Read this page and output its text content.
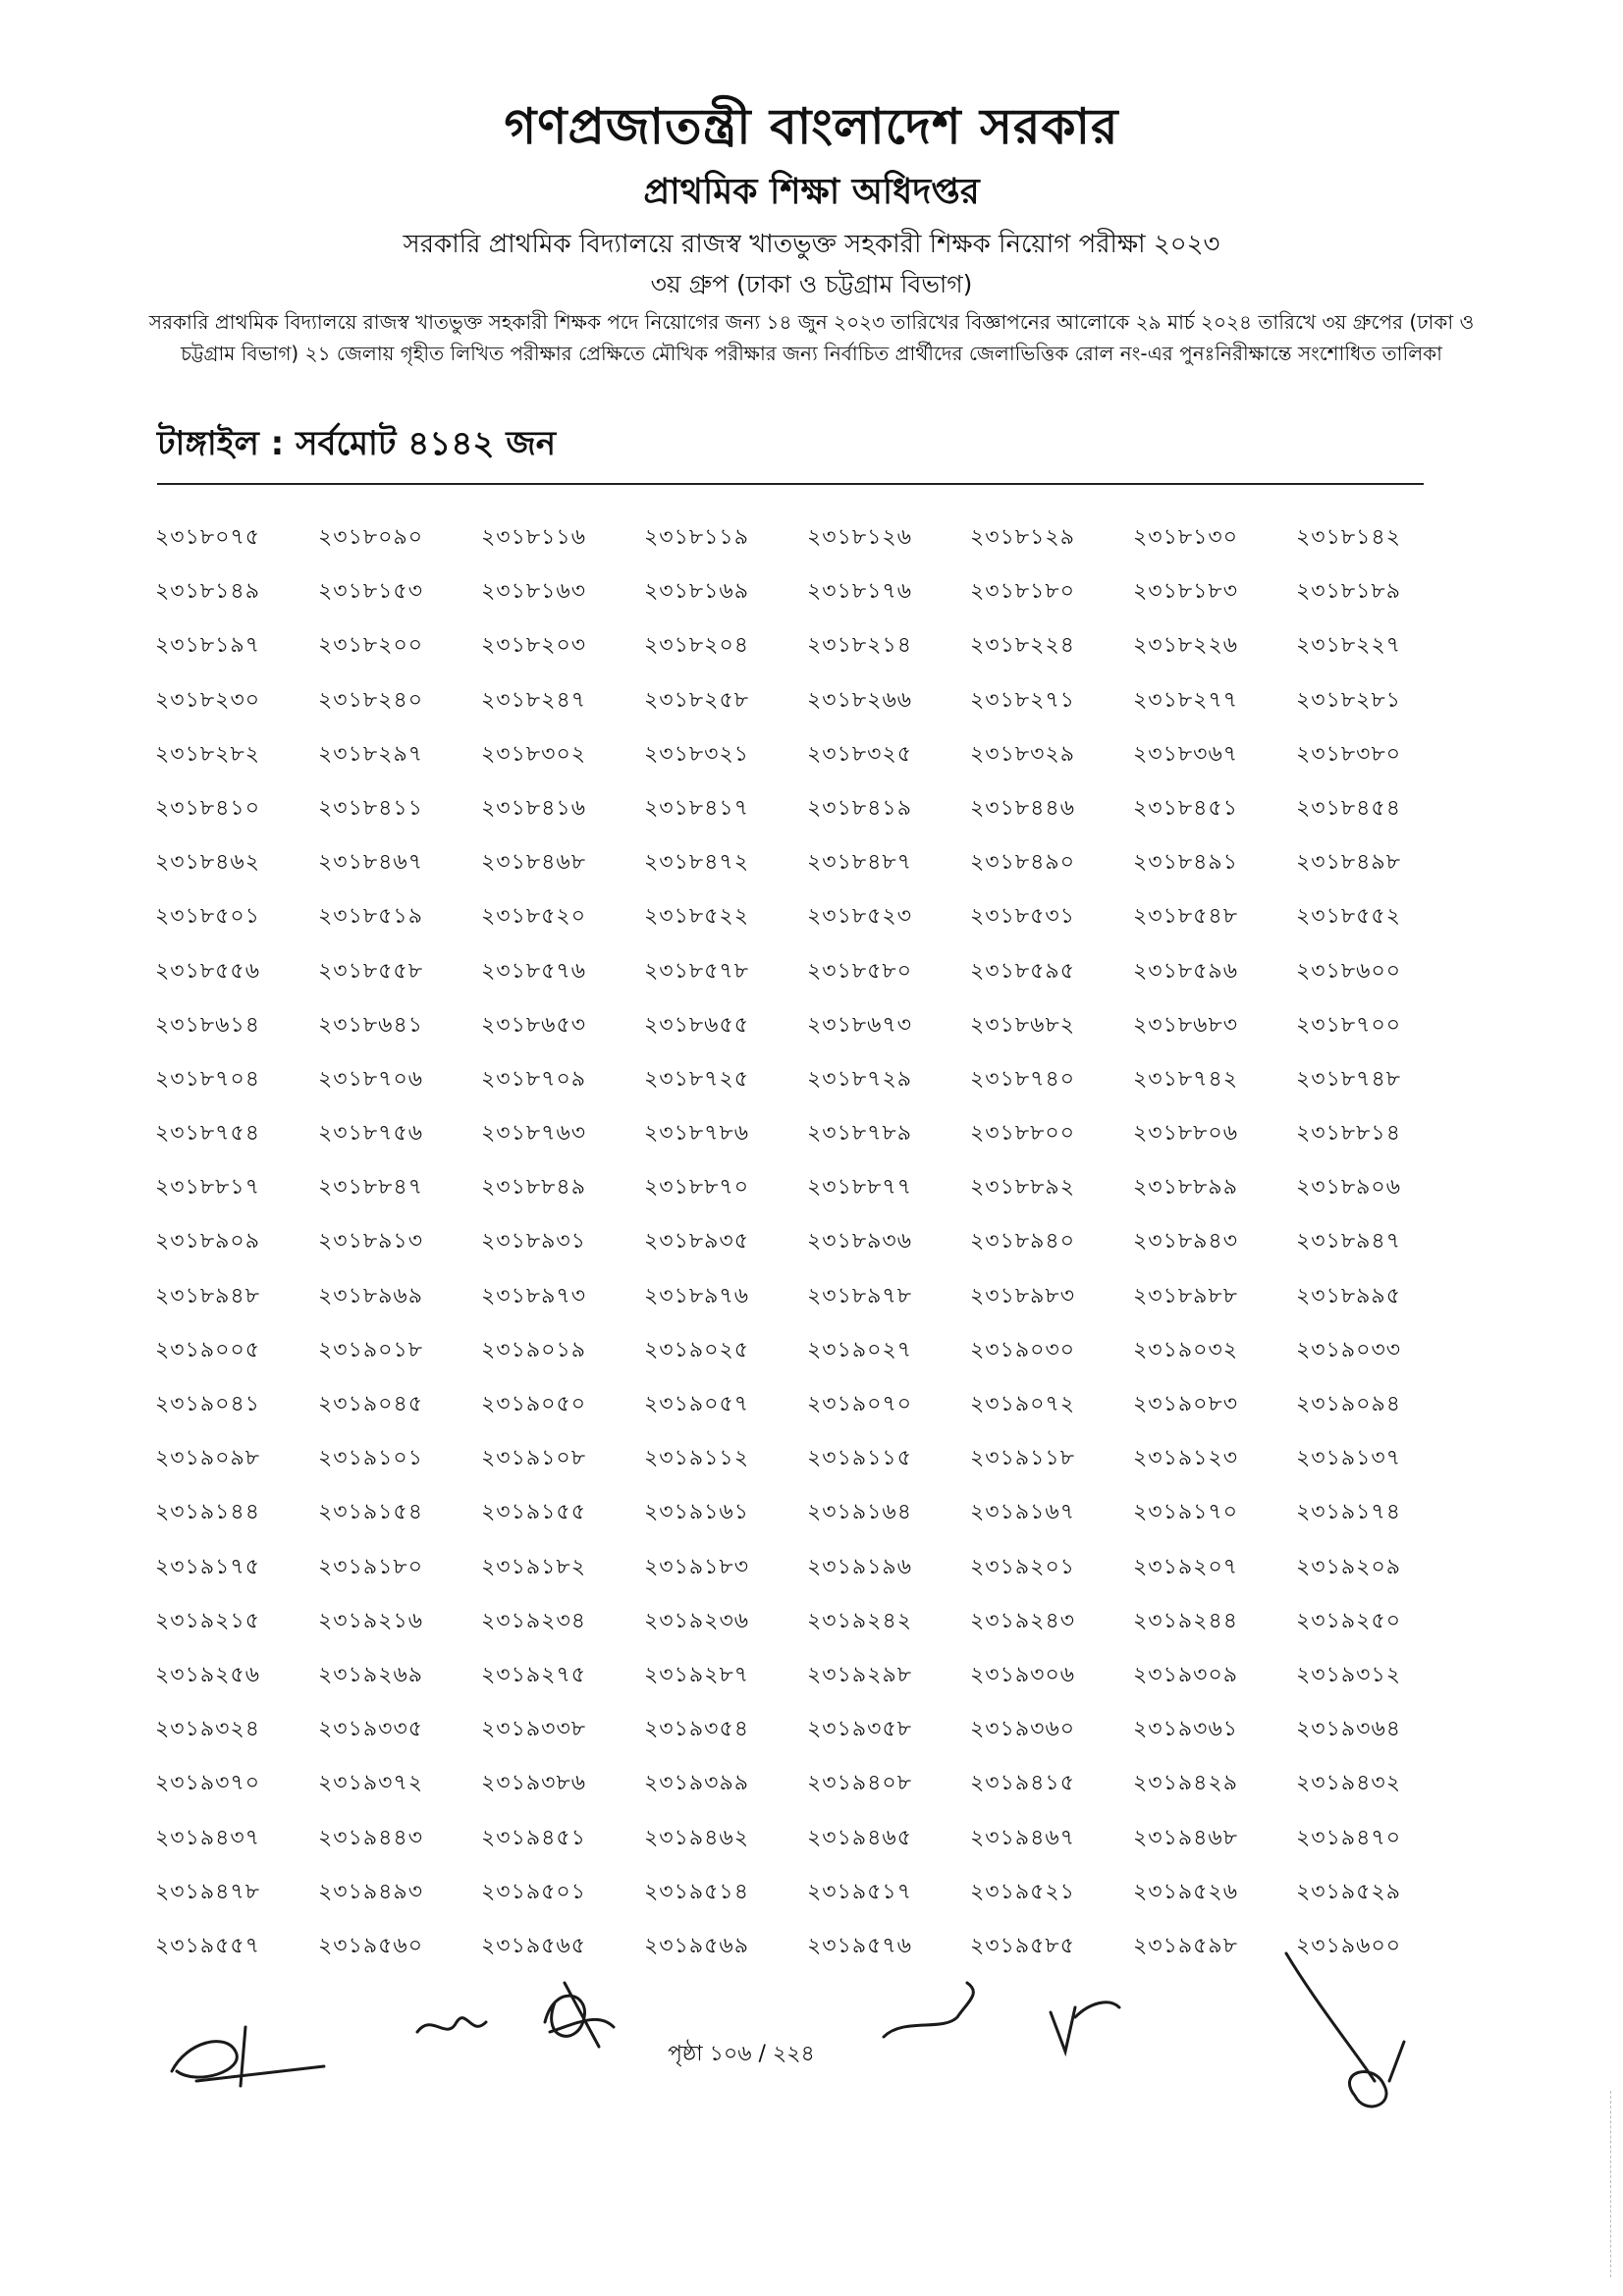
গণপ্রজাতন্ত্রী বাংলাদেশ সরকার
প্রাথমিক শিক্ষা অধিদপ্তর
সরকারি প্রাথমিক বিদ্যালয়ে রাজস্ব খাতভুক্ত সহকারী শিক্ষক নিয়োগ পরীক্ষা ২০২৩
৩য় গ্রুপ (ঢাকা ও চট্টগ্রাম বিভাগ)
সরকারি প্রাথমিক বিদ্যালয়ে রাজস্ব খাতভুক্ত সহকারী শিক্ষক পদে নিয়োগের জন্য ১৪ জুন ২০২৩ তারিখের বিজ্ঞাপনের আলোকে ২৯ মার্চ ২০২৪ তারিখে ৩য় গ্রুপের (ঢাকা ও চট্টগ্রাম বিভাগ) ২১ জেলায় গৃহীত লিখিত পরীক্ষার প্রেক্ষিতে মৌখিক পরীক্ষার জন্য নির্বাচিত প্রার্থীদের জেলাভিত্তিক রোল নং-এর পুনঃনিরীক্ষান্তে সংশোধিত তালিকা
টাঙ্গাইল : সর্বমোট ৪১৪২ জন
২৩১৮০৭৫	২৩১৮০৯০	২৩১৮১১৬	২৩১৮১১৯	২৩১৮১২৬	২৩১৮১২৯	২৩১৮১৩০	২৩১৮১৪২
২৩১৮১৪৯	২৩১৮১৫৩	২৩১৮১৬৩	২৩১৮১৬৯	২৩১৮১৭৬	২৩১৮১৮০	২৩১৮১৮৩	২৩১৮১৮৯
২৩১৮১৯৭	২৩১৮২০০	২৩১৮২০৩	২৩১৮২০৪	২৩১৮২১৪	২৩১৮২২৪	২৩১৮২২৬	২৩১৮২২৭
২৩১৮২৩০	২৩১৮২৪০	২৩১৮২৪৭	২৩১৮২৫৮	২৩১৮২৬৬	২৩১৮২৭১	২৩১৮২৭৭	২৩১৮২৮১
২৩১৮২৮২	২৩১৮২৯৭	২৩১৮৩০২	২৩১৮৩২১	২৩১৮৩২৫	২৩১৮৩২৯	২৩১৮৩৬৭	২৩১৮৩৮০
২৩১৮৪১০	২৩১৮৪১১	২৩১৮৪১৬	২৩১৮৪১৭	২৩১৮৪১৯	২৩১৮৪৪৬	২৩১৮৪৫১	২৩১৮৪৫৪
২৩১৮৪৬২	২৩১৮৪৬৭	২৩১৮৪৬৮	২৩১৮৪৭২	২৩১৮৪৮৭	২৩১৮৪৯০	২৩১৮৪৯১	২৩১৮৪৯৮
২৩১৮৫০১	২৩১৮৫১৯	২৩১৮৫২০	২৩১৮৫২২	২৩১৮৫২৩	২৩১৮৫৩১	২৩১৮৫৪৮	২৩১৮৫৫২
২৩১৮৫৫৬	২৩১৮৫৫৮	২৩১৮৫৭৬	২৩১৮৫৭৮	২৩১৮৫৮০	২৩১৮৫৯৫	২৩১৮৫৯৬	২৩১৮৬০০
২৩১৮৬১৪	২৩১৮৬৪১	২৩১৮৬৫৩	২৩১৮৬৫৫	২৩১৮৬৭৩	২৩১৮৬৮২	২৩১৮৬৮৩	২৩১৮৭০০
২৩১৮৭০৪	২৩১৮৭০৬	২৩১৮৭০৯	২৩১৮৭২৫	২৩১৮৭২৯	২৩১৮৭৪০	২৩১৮৭৪২	২৩১৮৭৪৮
২৩১৮৭৫৪	২৩১৮৭৫৬	২৩১৮৭৬৩	২৩১৮৭৮৬	২৩১৮৭৮৯	২৩১৮৮০০	২৩১৮৮০৬	২৩১৮৮১৪
২৩১৮৮১৭	২৩১৮৮৪৭	২৩১৮৮৪৯	২৩১৮৮৭০	২৩১৮৮৭৭	২৩১৮৮৯২	২৩১৮৮৯৯	২৩১৮৯০৬
২৩১৮৯০৯	২৩১৮৯১৩	২৩১৮৯৩১	২৩১৮৯৩৫	২৩১৮৯৩৬	২৩১৮৯৪০	২৩১৮৯৪৩	২৩১৮৯৪৭
২৩১৮৯৪৮	২৩১৮৯৬৯	২৩১৮৯৭৩	২৩১৮৯৭৬	২৩১৮৯৭৮	২৩১৮৯৮৩	২৩১৮৯৮৮	২৩১৮৯৯৫
২৩১৯০০৫	২৩১৯০১৮	২৩১৯০১৯	২৩১৯০২৫	২৩১৯০২৭	২৩১৯০৩০	২৩১৯০৩২	২৩১৯০৩৩
২৩১৯০৪১	২৩১৯০৪৫	২৩১৯০৫০	২৩১৯০৫৭	২৩১৯০৭০	২৩১৯০৭২	২৩১৯০৮৩	২৩১৯০৯৪
২৩১৯০৯৮	২৩১৯১০১	২৩১৯১০৮	২৩১৯১১২	২৩১৯১১৫	২৩১৯১১৮	২৩১৯১২৩	২৩১৯১৩৭
২৩১৯১৪৪	২৩১৯১৫৪	২৩১৯১৫৫	২৩১৯১৬১	২৩১৯১৬৪	২৩১৯১৬৭	২৩১৯১৭০	২৩১৯১৭৪
২৩১৯১৭৫	২৩১৯১৮০	২৩১৯১৮২	২৩১৯১৮৩	২৩১৯১৯৬	২৩১৯২০১	২৩১৯২০৭	২৩১৯২০৯
২৩১৯২১৫	২৩১৯২১৬	২৩১৯২৩৪	২৩১৯২৩৬	২৩১৯২৪২	২৩১৯২৪৩	২৩১৯২৪৪	২৩১৯২৫০
২৩১৯২৫৬	২৩১৯২৬৯	২৩১৯২৭৫	২৩১৯২৮৭	২৩১৯২৯৮	২৩১৯৩০৬	২৩১৯৩০৯	২৩১৯৩১২
২৩১৯৩২৪	২৩১৯৩৩৫	২৩১৯৩৩৮	২৩১৯৩৫৪	২৩১৯৩৫৮	২৩১৯৩৬০	২৩১৯৩৬১	২৩১৯৩৬৪
২৩১৯৩৭০	২৩১৯৩৭২	২৩১৯৩৮৬	২৩১৯৩৯৯	২৩১৯৪০৮	২৩১৯৪১৫	২৩১৯৪২৯	২৩১৯৪৩২
২৩১৯৪৩৭	২৩১৯৪৪৩	২৩১৯৪৫১	২৩১৯৪৬২	২৩১৯৪৬৫	২৩১৯৪৬৭	২৩১৯৪৬৮	২৩১৯৪৭০
২৩১৯৪৭৮	২৩১৯৪৯৩	২৩১৯৫০১	২৩১৯৫১৪	২৩১৯৫১৭	২৩১৯৫২১	২৩১৯৫২৬	২৩১৯৫২৯
২৩১৯৫৫৭	২৩১৯৫৬০	২৩১৯৫৬৫	২৩১৯৫৬৯	২৩১৯৫৭৬	২৩১৯৫৮৫	২৩১৯৫৯৮	২৩১৯৬০০
পৃষ্ঠা ১০৬ / ২২৪
